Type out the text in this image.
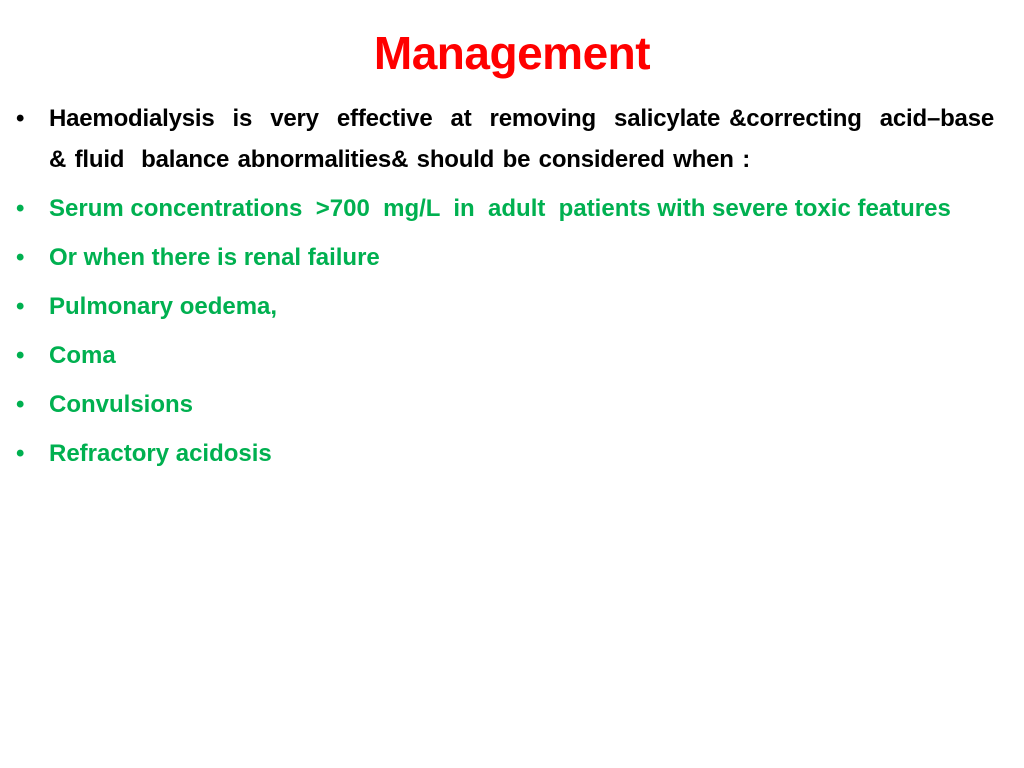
Management
• Haemodialysis  is  very  effective  at  removing  salicylate &correcting  acid–base & fluid  balance abnormalities& should be considered when :
• Serum concentrations  >700  mg/L  in  adult  patients with severe toxic features
• Or when there is renal failure
• Pulmonary oedema,
• Coma
• Convulsions
• Refractory acidosis
